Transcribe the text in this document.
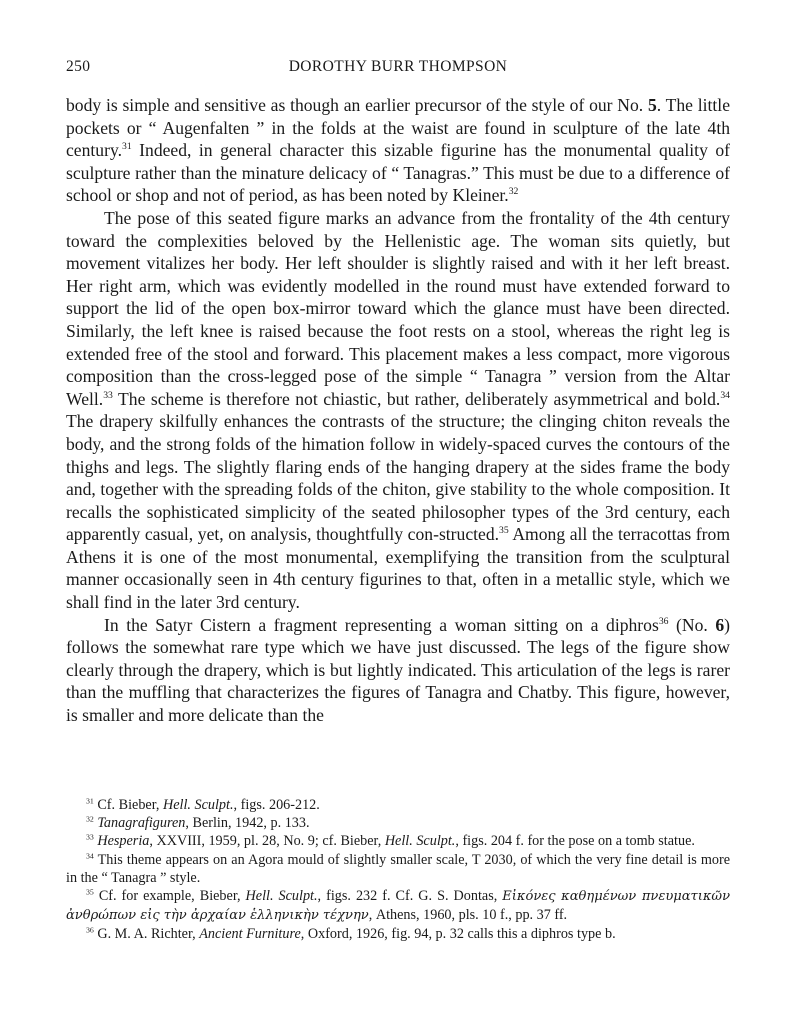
250	DOROTHY BURR THOMPSON

body is simple and sensitive as though an earlier precursor of the style of our No. 5. The little pockets or “ Augenfalten ” in the folds at the waist are found in sculpture of the late 4th century.$^{31}$ Indeed, in general character this sizable figurine has the monumental quality of sculpture rather than the minature delicacy of “ Tanagras.” This must be due to a difference of school or shop and not of period, as has been noted by Kleiner.$^{32}$

The pose of this seated figure marks an advance from the frontality of the 4th century toward the complexities beloved by the Hellenistic age. The woman sits quietly, but movement vitalizes her body. Her left shoulder is slightly raised and with it her left breast. Her right arm, which was evidently modelled in the round must have extended forward to support the lid of the open box-mirror toward which the glance must have been directed. Similarly, the left knee is raised because the foot rests on a stool, whereas the right leg is extended free of the stool and forward. This placement makes a less compact, more vigorous composition than the cross-legged pose of the simple “ Tanagra ” version from the Altar Well.$^{33}$ The scheme is therefore not chiastic, but rather, deliberately asymmetrical and bold.$^{34}$ The drapery skilfully enhances the contrasts of the structure; the clinging chiton reveals the body, and the strong folds of the himation follow in widely-spaced curves the contours of the thighs and legs. The slightly flaring ends of the hanging drapery at the sides frame the body and, together with the spreading folds of the chiton, give stability to the whole composition. It recalls the sophisticated simplicity of the seated philosopher types of the 3rd century, each apparently casual, yet, on analysis, thoughtfully con-structed.$^{35}$ Among all the terracottas from Athens it is one of the most monumental, exemplifying the transition from the sculptural manner occasionally seen in 4th century figurines to that, often in a metallic style, which we shall find in the later 3rd century.

In the Satyr Cistern a fragment representing a woman sitting on a diphros$^{36}$ (No. 6) follows the somewhat rare type which we have just discussed. The legs of the figure show clearly through the drapery, which is but lightly indicated. This articulation of the legs is rarer than the muffling that characterizes the figures of Tanagra and Chatby. This figure, however, is smaller and more delicate than the

$^{31}$ Cf. Bieber, Hell. Sculpt., figs. 206-212.

$^{32}$ Tanagrafiguren, Berlin, 1942, p. 133.

$^{33}$ Hesperia, XXVIII, 1959, pl. 28, No. 9; cf. Bieber, Hell. Sculpt., figs. 204 f. for the pose on a tomb statue.

$^{34}$ This theme appears on an Agora mould of slightly smaller scale, T 2030, of which the very fine detail is more in the “ Tanagra ” style.

$^{35}$ Cf. for example, Bieber, Hell. Sculpt., figs. 232 f. Cf. G. S. Dontas, Εἰκόνες καθημένων πνευματικῶν ἀνθρώπων εἰς τὴν ἀρχαίαν ἑλληνικὴν τέχνην, Athens, 1960, pls. 10 f., pp. 37 ff.

$^{36}$ G. M. A. Richter, Ancient Furniture, Oxford, 1926, fig. 94, p. 32 calls this a diphros type b.
